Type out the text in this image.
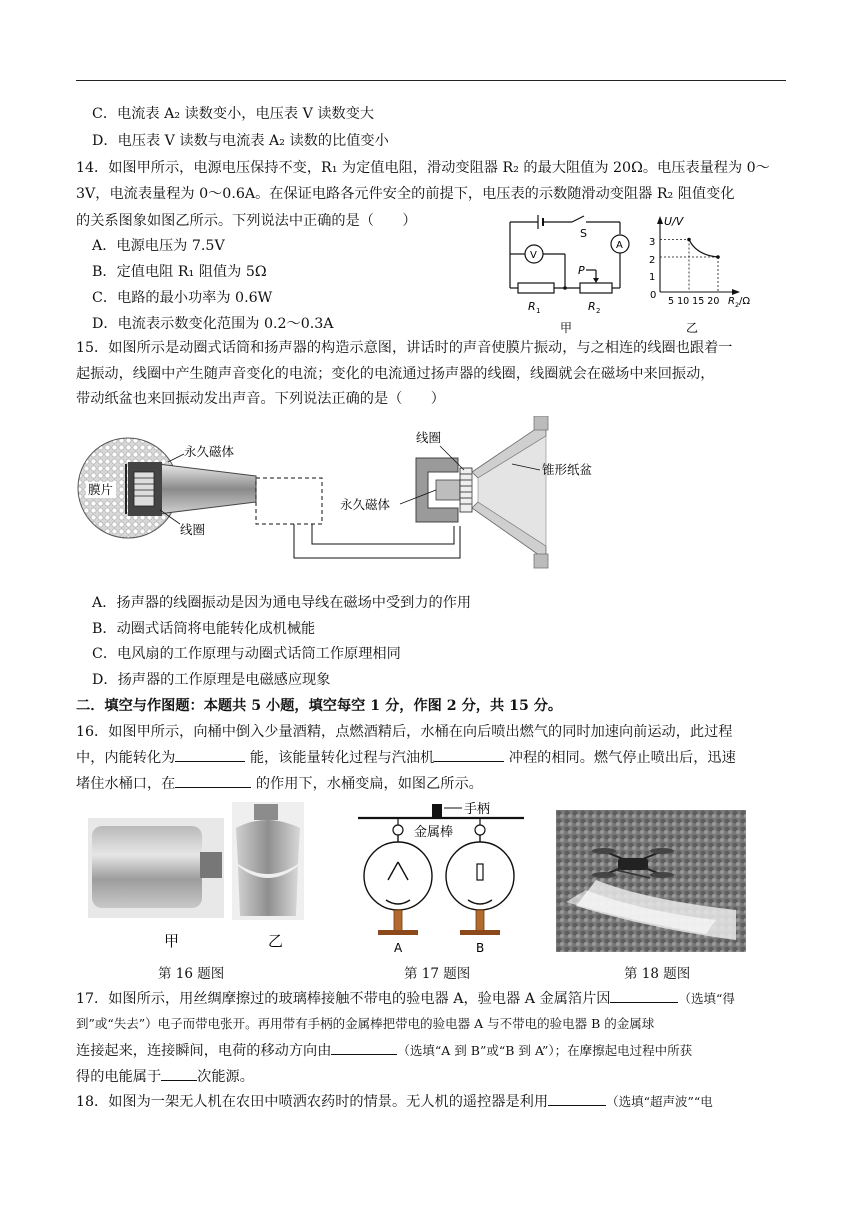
C．电流表 A₂ 读数变小，电压表 V 读数变大
D．电压表 V 读数与电流表 A₂ 读数的比值变小
14．如图甲所示，电源电压保持不变，R₁ 为定值电阻，滑动变阻器 R₂ 的最大阻值为 20Ω。电压表量程为 0～
3V，电流表量程为 0～0.6A。在保证电路各元件安全的前提下，电压表的示数随滑动变阻器 R₂ 阻值变化
的关系图象如图乙所示。下列说法中正确的是（　　）
A．电源电压为 7.5V
B．定值电阻 R₁ 阻值为 5Ω
C．电路的最小功率为 0.6W
D．电流表示数变化范围为 0.2～0.3A
V
A
S
P
R 1	R 2
甲
U/V
3
2
1
0
5 10 15 20 R 2 /Ω
乙
15．如图所示是动圈式话筒和扬声器的构造示意图，讲话时的声音使膜片振动，与之相连的线圈也跟着一
起振动，线圈中产生随声音变化的电流；变化的电流通过扬声器的线圈，线圈就会在磁场中来回振动，
带动纸盆也来回振动发出声音。下列说法正确的是（　　）
永久磁体
膜片
线圈
线圈
永久磁体
锥形纸盆
A．扬声器的线圈振动是因为通电导线在磁场中受到力的作用
B．动圈式话筒将电能转化成机械能
C．电风扇的工作原理与动圈式话筒工作原理相同
D．扬声器的工作原理是电磁感应现象
二．填空与作图题：本题共 5 小题，填空每空 1 分，作图 2 分，共 15 分。
16．如图甲所示，向桶中倒入少量酒精，点燃酒精后，水桶在向后喷出燃气的同时加速向前运动，此过程
中，内能转化为	能，该能量转化过程与汽油机	冲程的相同。燃气停止喷出后，迅速
堵住水桶口，在	的作用下，水桶变扁，如图乙所示。
甲	乙
手柄
金属棒
A	B
第 16 题图	第 17 题图	第 18 题图
17．如图所示，用丝绸摩擦过的玻璃棒接触不带电的验电器 A，验电器 A 金属箔片因	（选填“得
到”或“失去”）电子而带电张开。再用带有手柄的金属棒把带电的验电器 A 与不带电的验电器 B 的金属球
连接起来，连接瞬间，电荷的移动方向由	（选填“A 到 B”或“B 到 A”）；在摩擦起电过程中所获
得的电能属于	次能源。
18．如图为一架无人机在农田中喷洒农药时的情景。无人机的遥控器是利用	（选填“超声波”“电
